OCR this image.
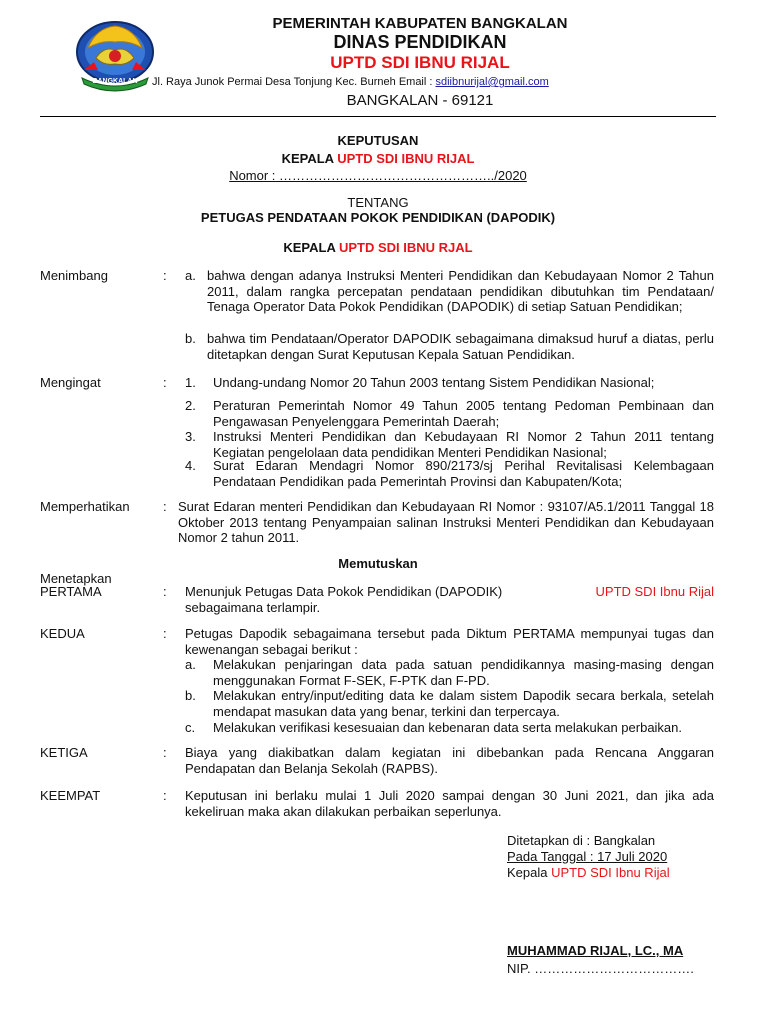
BANGKALAN
PEMERINTAH KABUPATEN BANGKALAN
DINAS PENDIDIKAN
UPTD SDI IBNU RIJAL
Jl. Raya Junok Permai Desa Tonjung Kec. Burneh Email : sdiibnurijal@gmail.com
BANGKALAN - 69121
KEPUTUSAN
KEPALA UPTD SDI IBNU RIJAL
Nomor : …………………………………………../2020
TENTANG
PETUGAS PENDATAAN POKOK PENDIDIKAN (DAPODIK)
KEPALA UPTD SDI IBNU RJAL
Menimbang	: a. bahwa dengan adanya Instruksi Menteri Pendidikan dan Kebudayaan Nomor 2 Tahun 2011, dalam rangka percepatan pendataan pendidikan dibutuhkan tim Pendataan/ Tenaga Operator Data Pokok Pendidikan (DAPODIK) di setiap Satuan Pendidikan;
b. bahwa tim Pendataan/Operator DAPODIK sebagaimana dimaksud huruf a diatas, perlu ditetapkan dengan Surat Keputusan Kepala Satuan Pendidikan.
Mengingat	: 1. Undang-undang Nomor 20 Tahun 2003 tentang Sistem Pendidikan Nasional;
2. Peraturan Pemerintah Nomor 49 Tahun 2005 tentang Pedoman Pembinaan dan Pengawasan Penyelenggara Pemerintah Daerah;
3. Instruksi Menteri Pendidikan dan Kebudayaan RI Nomor 2 Tahun 2011 tentang Kegiatan pengelolaan data pendidikan Menteri Pendidikan Nasional;
4. Surat Edaran Mendagri Nomor 890/2173/sj Perihal Revitalisasi Kelembagaan Pendataan Pendidikan pada Pemerintah Provinsi dan Kabupaten/Kota;
Memperhatikan	: Surat Edaran menteri Pendidikan dan Kebudayaan RI Nomor : 93107/A5.1/2011 Tanggal 18 Oktober 2013 tentang Penyampaian salinan Instruksi Menteri Pendidikan dan Kebudayaan Nomor 2 tahun 2011.
Memutuskan
Menetapkan
PERTAMA	: Menunjuk Petugas Data Pokok Pendidikan (DAPODIK)	UPTD SDI Ibnu Rijal
sebagaimana terlampir.
KEDUA	: Petugas Dapodik sebagaimana tersebut pada Diktum PERTAMA mempunyai tugas dan kewenangan sebagai berikut :
a. Melakukan penjaringan data pada satuan pendidikannya masing-masing dengan menggunakan Format F-SEK, F-PTK dan F-PD.
b. Melakukan entry/input/editing data ke dalam sistem Dapodik secara berkala, setelah mendapat masukan data yang benar, terkini dan terpercaya.
c. Melakukan verifikasi kesesuaian dan kebenaran data serta melakukan perbaikan.
KETIGA	: Biaya yang diakibatkan dalam kegiatan ini dibebankan pada Rencana Anggaran Pendapatan dan Belanja Sekolah (RAPBS).
KEEMPAT	: Keputusan ini berlaku mulai 1 Juli 2020 sampai dengan 30 Juni 2021, dan jika ada kekeliruan maka akan dilakukan perbaikan seperlunya.
Ditetapkan di : Bangkalan
Pada Tanggal : 17 Juli 2020
Kepala UPTD SDI Ibnu Rijal
MUHAMMAD RIJAL, LC., MA
NIP. ……………………………….
